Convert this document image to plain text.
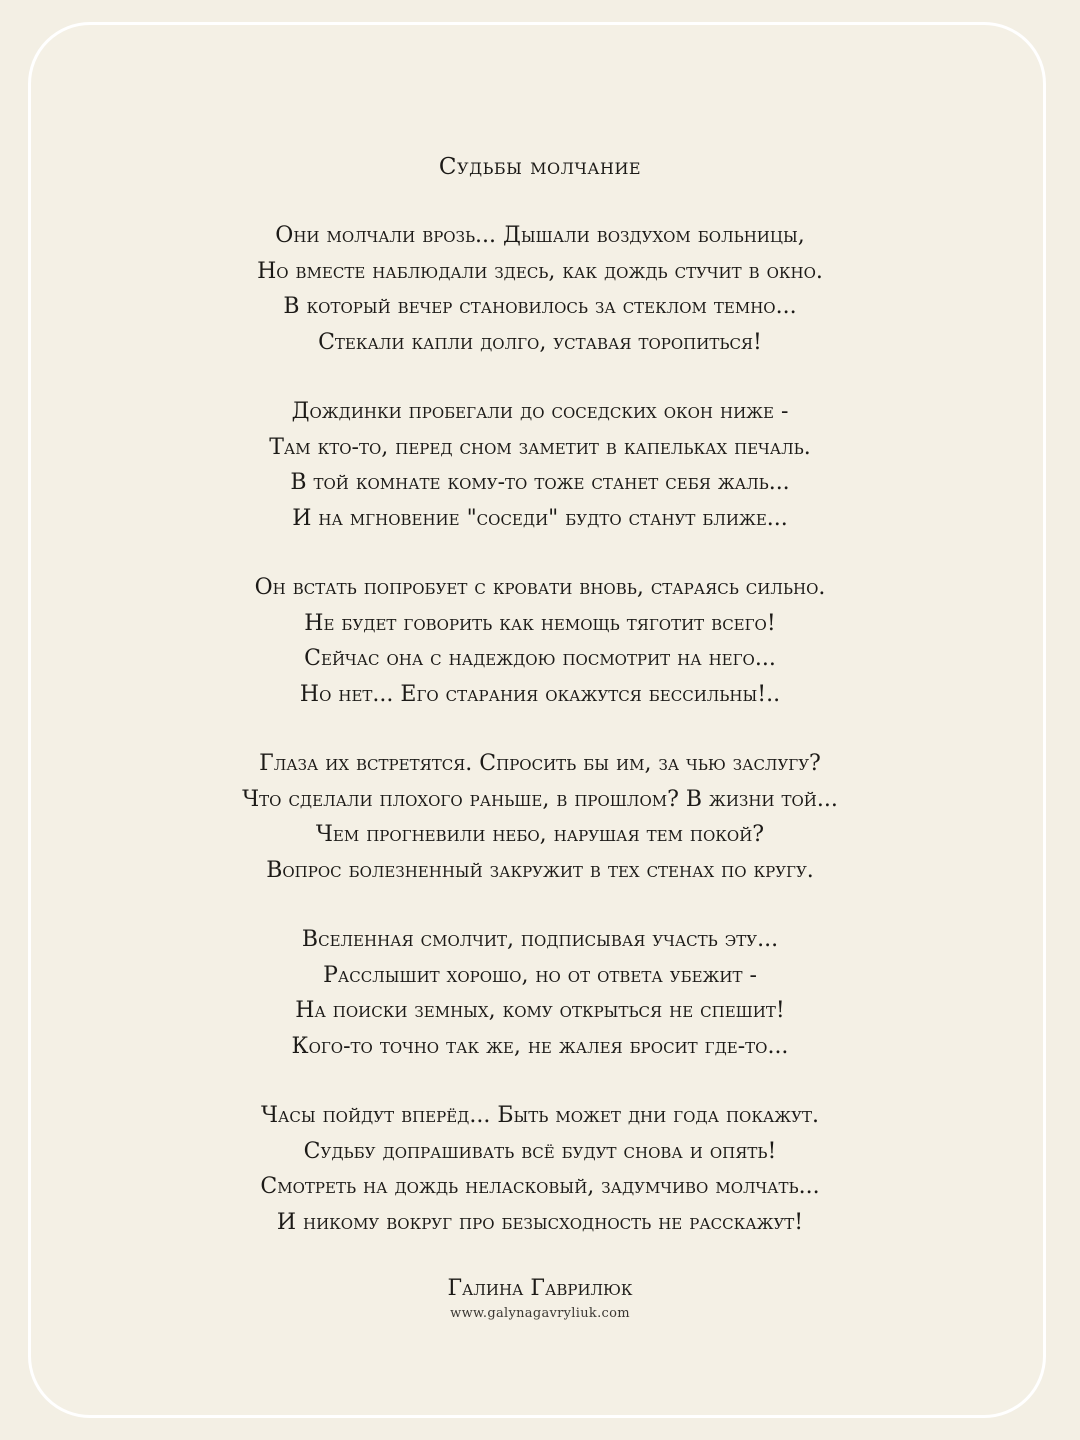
Судьбы молчание
Они молчали врозь... Дышали воздухом больницы,
Но вместе наблюдали здесь, как дождь стучит в окно.
В который вечер становилось за стеклом темно...
Стекали капли долго, уставая торопиться!
Дождинки пробегали до соседских окон ниже -
Там кто-то, перед сном заметит в капельках печаль.
В той комнате кому-то тоже станет себя жаль...
И на мгновение "соседи" будто станут ближе...
Он встать попробует с кровати вновь, стараясь сильно.
Не будет говорить как немощь тяготит всего!
Сейчас она с надеждою посмотрит на него...
Но нет... Его старания окажутся бессильны!..
Глаза их встретятся. Спросить бы им, за чью заслугу?
Что сделали плохого раньше, в прошлом? В жизни той...
Чем прогневили небо, нарушая тем покой?
Вопрос болезненный закружит в тех стенах по кругу.
Вселенная смолчит, подписывая участь эту...
Расслышит хорошо, но от ответа убежит -
На поиски земных, кому открыться не спешит!
Кого-то точно так же, не жалея бросит где-то...
Часы пойдут вперёд... Быть может дни года покажут.
Судьбу допрашивать всё будут снова и опять!
Смотреть на дождь неласковый, задумчиво молчать...
И никому вокруг про безысходность не расскажут!
Галина Гаврилюк
www.galynagavryliuk.com
